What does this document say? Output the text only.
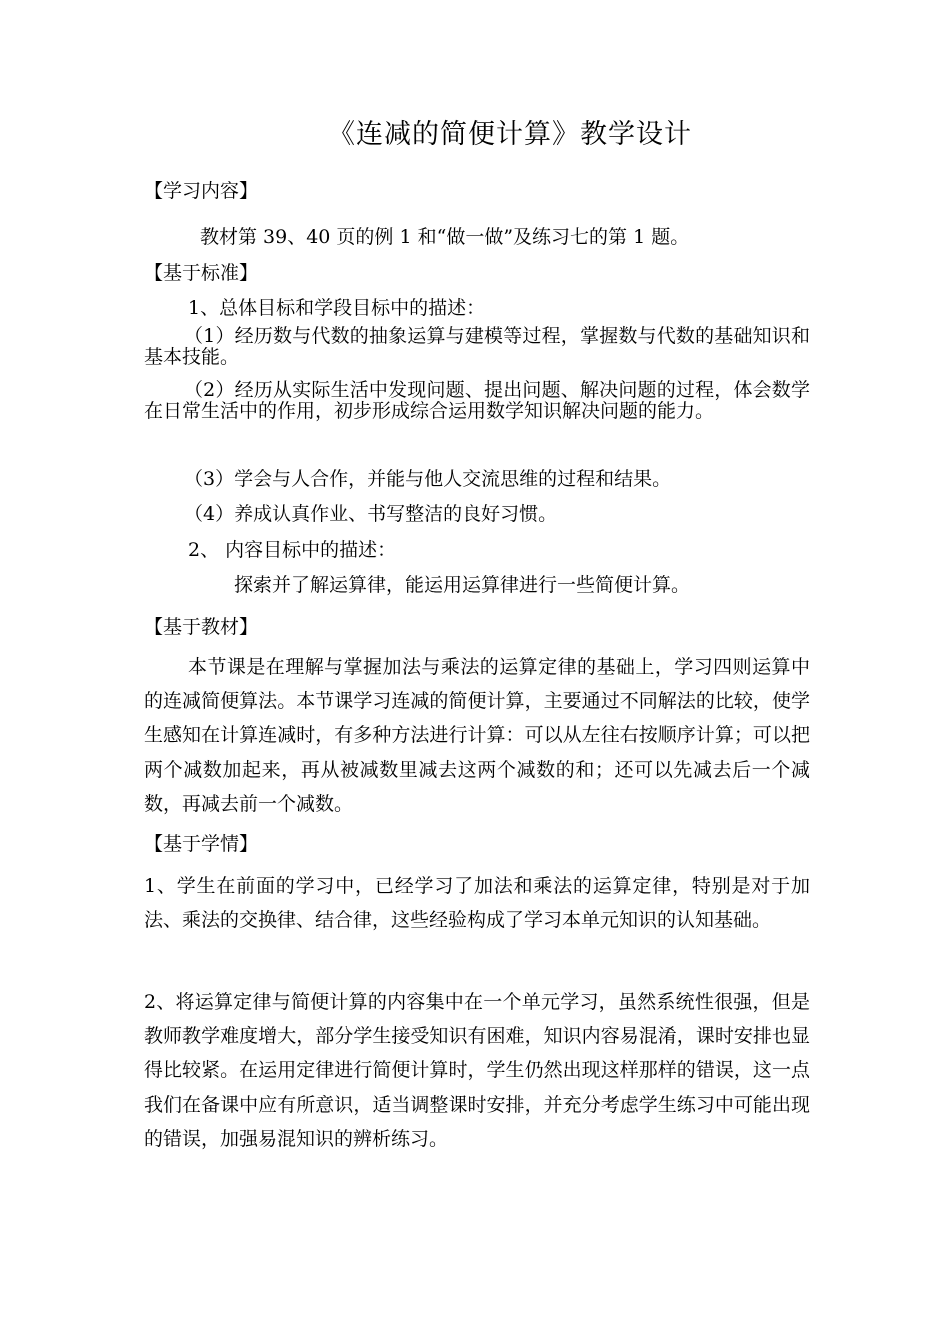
《连减的简便计算》教学设计
【学习内容】
教材第 39、40 页的例 1 和“做一做”及练习七的第 1 题。
【基于标准】
1、总体目标和学段目标中的描述：
（1）经历数与代数的抽象运算与建模等过程，掌握数与代数的基础知识和基本技能。
（2）经历从实际生活中发现问题、提出问题、解决问题的过程，体会数学在日常生活中的作用，初步形成综合运用数学知识解决问题的能力。
（3）学会与人合作，并能与他人交流思维的过程和结果。
（4）养成认真作业、书写整洁的良好习惯。
2、 内容目标中的描述：
探索并了解运算律，能运用运算律进行一些简便计算。
【基于教材】
本节课是在理解与掌握加法与乘法的运算定律的基础上，学习四则运算中的连减简便算法。本节课学习连减的简便计算，主要通过不同解法的比较，使学生感知在计算连减时，有多种方法进行计算：可以从左往右按顺序计算；可以把两个减数加起来，再从被减数里减去这两个减数的和；还可以先减去后一个减数，再减去前一个减数。
【基于学情】
1、学生在前面的学习中，已经学习了加法和乘法的运算定律，特别是对于加法、乘法的交换律、结合律，这些经验构成了学习本单元知识的认知基础。
2、将运算定律与简便计算的内容集中在一个单元学习，虽然系统性很强，但是教师教学难度增大，部分学生接受知识有困难，知识内容易混淆，课时安排也显得比较紧。在运用定律进行简便计算时，学生仍然出现这样那样的错误，这一点我们在备课中应有所意识，适当调整课时安排，并充分考虑学生练习中可能出现的错误，加强易混知识的辨析练习。
